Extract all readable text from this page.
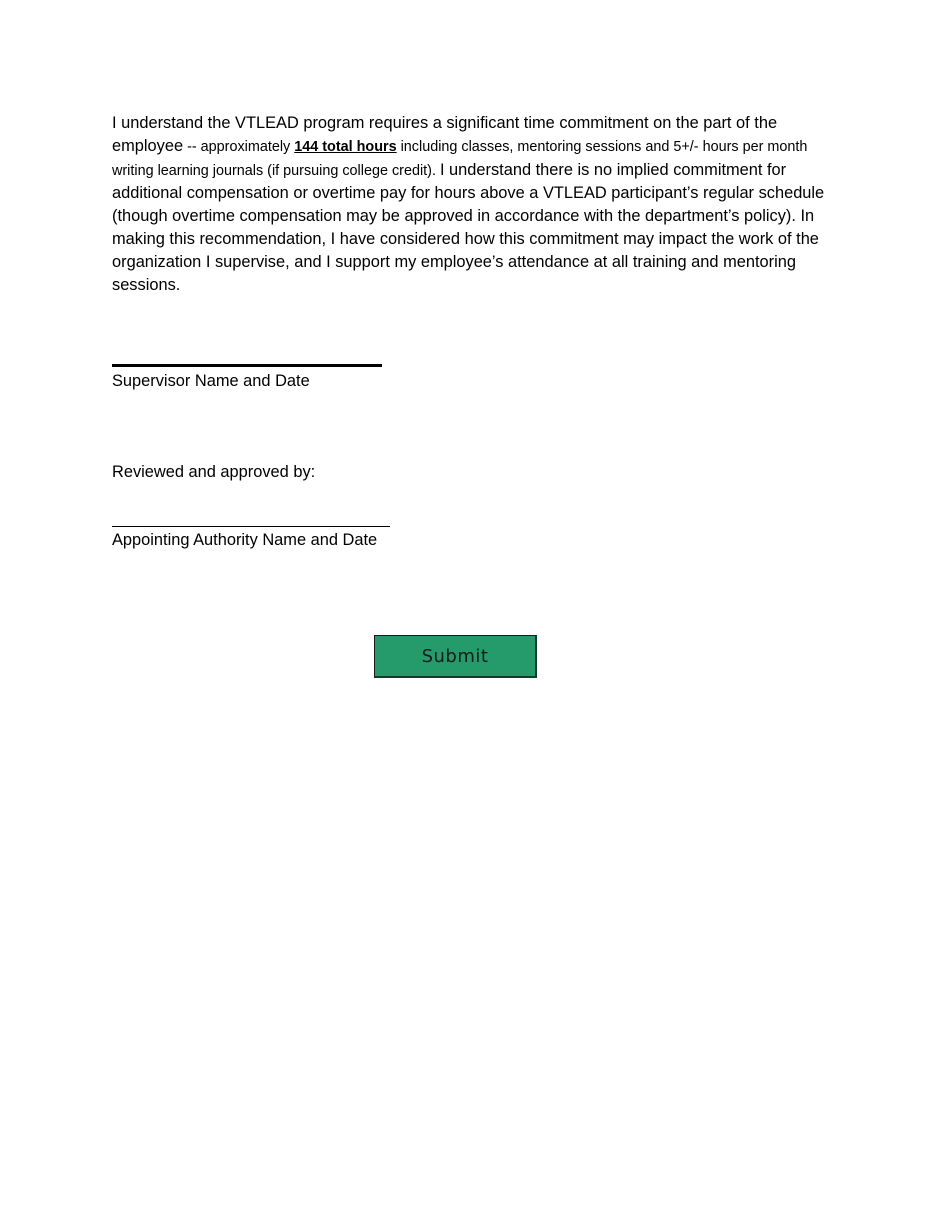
I understand the VTLEAD program requires a significant time commitment on the part of the employee -- approximately 144 total hours including classes, mentoring sessions and 5+/- hours per month writing learning journals (if pursuing college credit). I understand there is no implied commitment for additional compensation or overtime pay for hours above a VTLEAD participant’s regular schedule (though overtime compensation may be approved in accordance with the department’s policy). In making this recommendation, I have considered how this commitment may impact the work of the organization I supervise, and I support my employee’s attendance at all training and mentoring sessions.

Supervisor Name and Date
Reviewed and approved by:
Appointing Authority Name and Date
Submit
